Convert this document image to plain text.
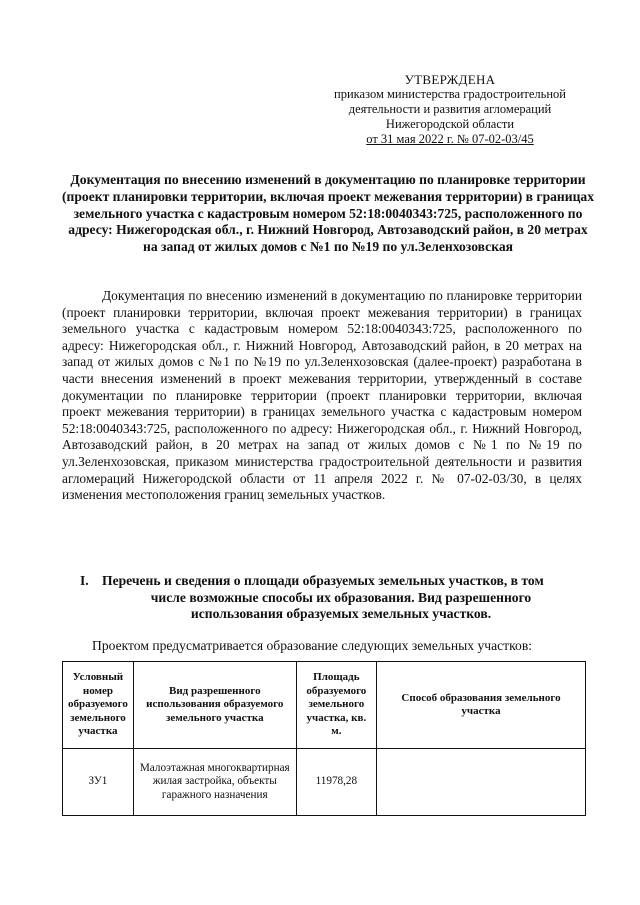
УТВЕРЖДЕНА
приказом министерства градостроительной
деятельности и развития агломераций
Нижегородской области
от 31 мая 2022 г. № 07-02-03/45
Документация по внесению изменений в документацию по планировке территории (проект планировки территории, включая проект межевания территории) в границах земельного участка с кадастровым номером 52:18:0040343:725, расположенного по адресу: Нижегородская обл., г. Нижний Новгород, Автозаводский район, в 20 метрах на запад от жилых домов с №1 по №19 по ул.Зеленхозовская
Документация по внесению изменений в документацию по планировке территории (проект планировки территории, включая проект межевания территории) в границах земельного участка с кадастровым номером 52:18:0040343:725, расположенного по адресу: Нижегородская обл., г. Нижний Новгород, Автозаводский район, в 20 метрах на запад от жилых домов с №1 по №19 по ул.Зеленхозовская (далее-проект) разработана в части внесения изменений в проект межевания территории, утвержденный в составе документации по планировке территории (проект планировки территории, включая проект межевания территории) в границах земельного участка с кадастровым номером 52:18:0040343:725, расположенного по адресу: Нижегородская обл., г. Нижний Новгород, Автозаводский район, в 20 метрах на запад от жилых домов с №1 по №19 по ул.Зеленхозовская, приказом министерства градостроительной деятельности и развития агломераций Нижегородской области от 11 апреля 2022 г. № 07-02-03/30, в целях изменения местоположения границ земельных участков.
I. Перечень и сведения о площади образуемых земельных участков, в том
числе возможные способы их образования. Вид разрешенного
использования образуемых земельных участков.
Проектом предусматривается образование следующих земельных участков:
Условный номер образуемого земельного участка	Вид разрешенного использования образуемого земельного участка	Площадь образуемого земельного участка, кв. м.	Способ образования земельного участка
ЗУ1	Малоэтажная многоквартирная жилая застройка, объекты гаражного назначения	11978,28	
